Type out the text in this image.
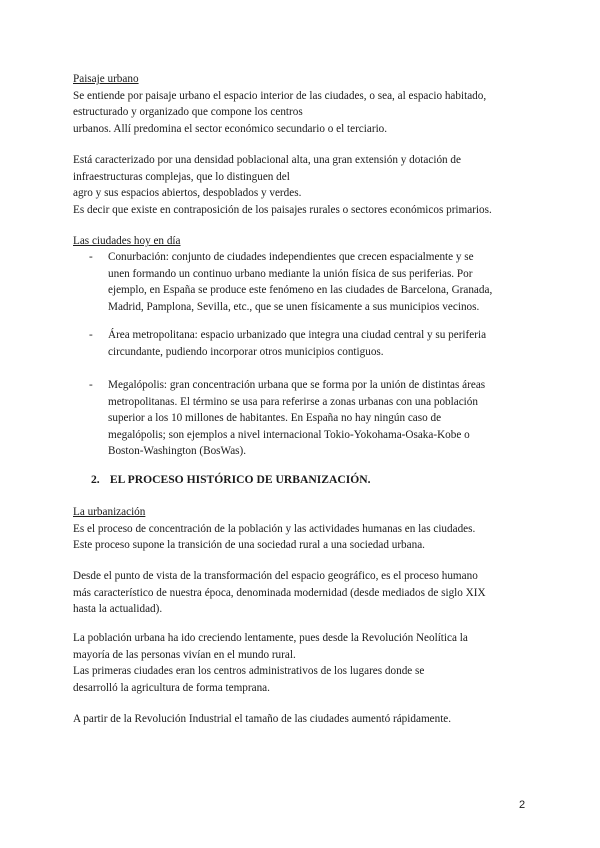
Paisaje urbano
Se entiende por paisaje urbano el espacio interior de las ciudades, o sea, al espacio habitado,
estructurado y organizado que compone los centros
urbanos. Allí predomina el sector económico secundario o el terciario.
Está caracterizado por una densidad poblacional alta, una gran extensión y dotación de
infraestructuras complejas, que lo distinguen del
agro y sus espacios abiertos, despoblados y verdes.
Es decir que existe en contraposición de los paisajes rurales o sectores económicos primarios.
Las ciudades hoy en día
- Conurbación: conjunto de ciudades independientes que crecen espacialmente y se
unen formando un continuo urbano mediante la unión física de sus periferias. Por
ejemplo, en España se produce este fenómeno en las ciudades de Barcelona, Granada,
Madrid, Pamplona, Sevilla, etc., que se unen físicamente a sus municipios vecinos.
- Área metropolitana: espacio urbanizado que integra una ciudad central y su periferia
circundante, pudiendo incorporar otros municipios contiguos.
- Megalópolis: gran concentración urbana que se forma por la unión de distintas áreas
metropolitanas. El término se usa para referirse a zonas urbanas con una población
superior a los 10 millones de habitantes. En España no hay ningún caso de
megalópolis; son ejemplos a nivel internacional Tokio-Yokohama-Osaka-Kobe o
Boston-Washington (BosWas).
2. EL PROCESO HISTÓRICO DE URBANIZACIÓN.
La urbanización
Es el proceso de concentración de la población y las actividades humanas en las ciudades.
Este proceso supone la transición de una sociedad rural a una sociedad urbana.
Desde el punto de vista de la transformación del espacio geográfico, es el proceso humano
más característico de nuestra época, denominada modernidad (desde mediados de siglo XIX
hasta la actualidad).
La población urbana ha ido creciendo lentamente, pues desde la Revolución Neolítica la
mayoría de las personas vivían en el mundo rural.
Las primeras ciudades eran los centros administrativos de los lugares donde se
desarrolló la agricultura de forma temprana.
A partir de la Revolución Industrial el tamaño de las ciudades aumentó rápidamente.
2
